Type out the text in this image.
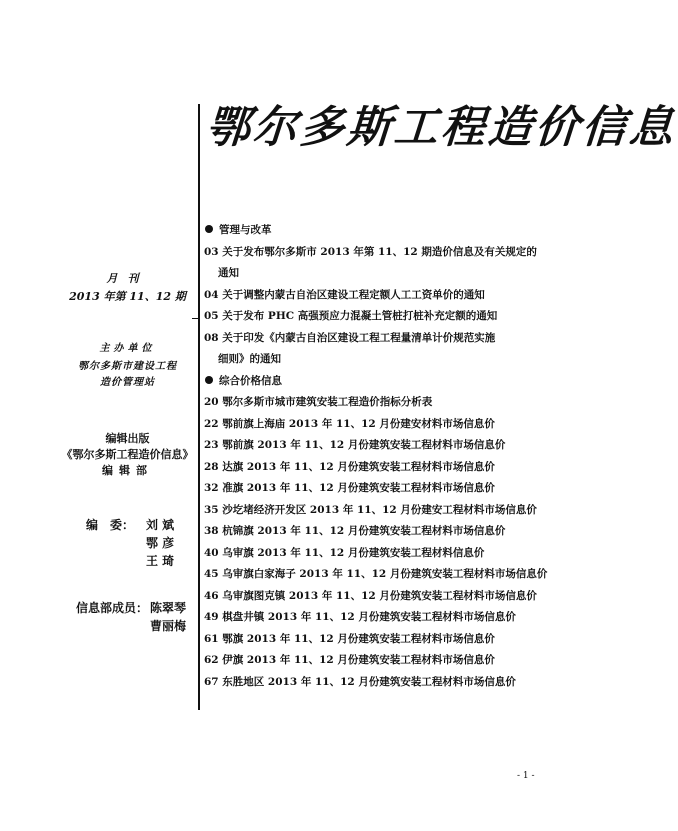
鄂尔多斯工程造价信息
月刊
2013 年第 11、12 期
主办单位
鄂尔多斯市建设工程
造价管理站
编辑出版
《鄂尔多斯工程造价信息》
编辑部
编　委： 刘 斌
鄂 彦
王 琦
信息部成员： 陈翠琴
曹丽梅
管理与改革
03 关于发布鄂尔多斯市 2013 年第 11、12 期造价信息及有关规定的
通知
04 关于调整内蒙古自治区建设工程定额人工工资单价的通知
05 关于发布 PHC 高强预应力混凝土管桩打桩补充定额的通知
08 关于印发《内蒙古自治区建设工程工程量清单计价规范实施
细则》的通知
综合价格信息
20 鄂尔多斯市城市建筑安装工程造价指标分析表
22 鄂前旗上海庙 2013 年 11、12 月份建安材料市场信息价
23 鄂前旗 2013 年 11、12 月份建筑安装工程材料市场信息价
28 达旗 2013 年 11、12 月份建筑安装工程材料市场信息价
32 准旗 2013 年 11、12 月份建筑安装工程材料市场信息价
35 沙圪堵经济开发区 2013 年 11、12 月份建安工程材料市场信息价
38 杭锦旗 2013 年 11、12 月份建筑安装工程材料市场信息价
40 乌审旗 2013 年 11、12 月份建筑安装工程材料信息价
45 乌审旗白家海子 2013 年 11、12 月份建筑安装工程材料市场信息价
46 乌审旗图克镇 2013 年 11、12 月份建筑安装工程材料市场信息价
49 棋盘井镇 2013 年 11、12 月份建筑安装工程材料市场信息价
61 鄂旗 2013 年 11、12 月份建筑安装工程材料市场信息价
62 伊旗 2013 年 11、12 月份建筑安装工程材料市场信息价
67 东胜地区 2013 年 11、12 月份建筑安装工程材料市场信息价
- 1 -
